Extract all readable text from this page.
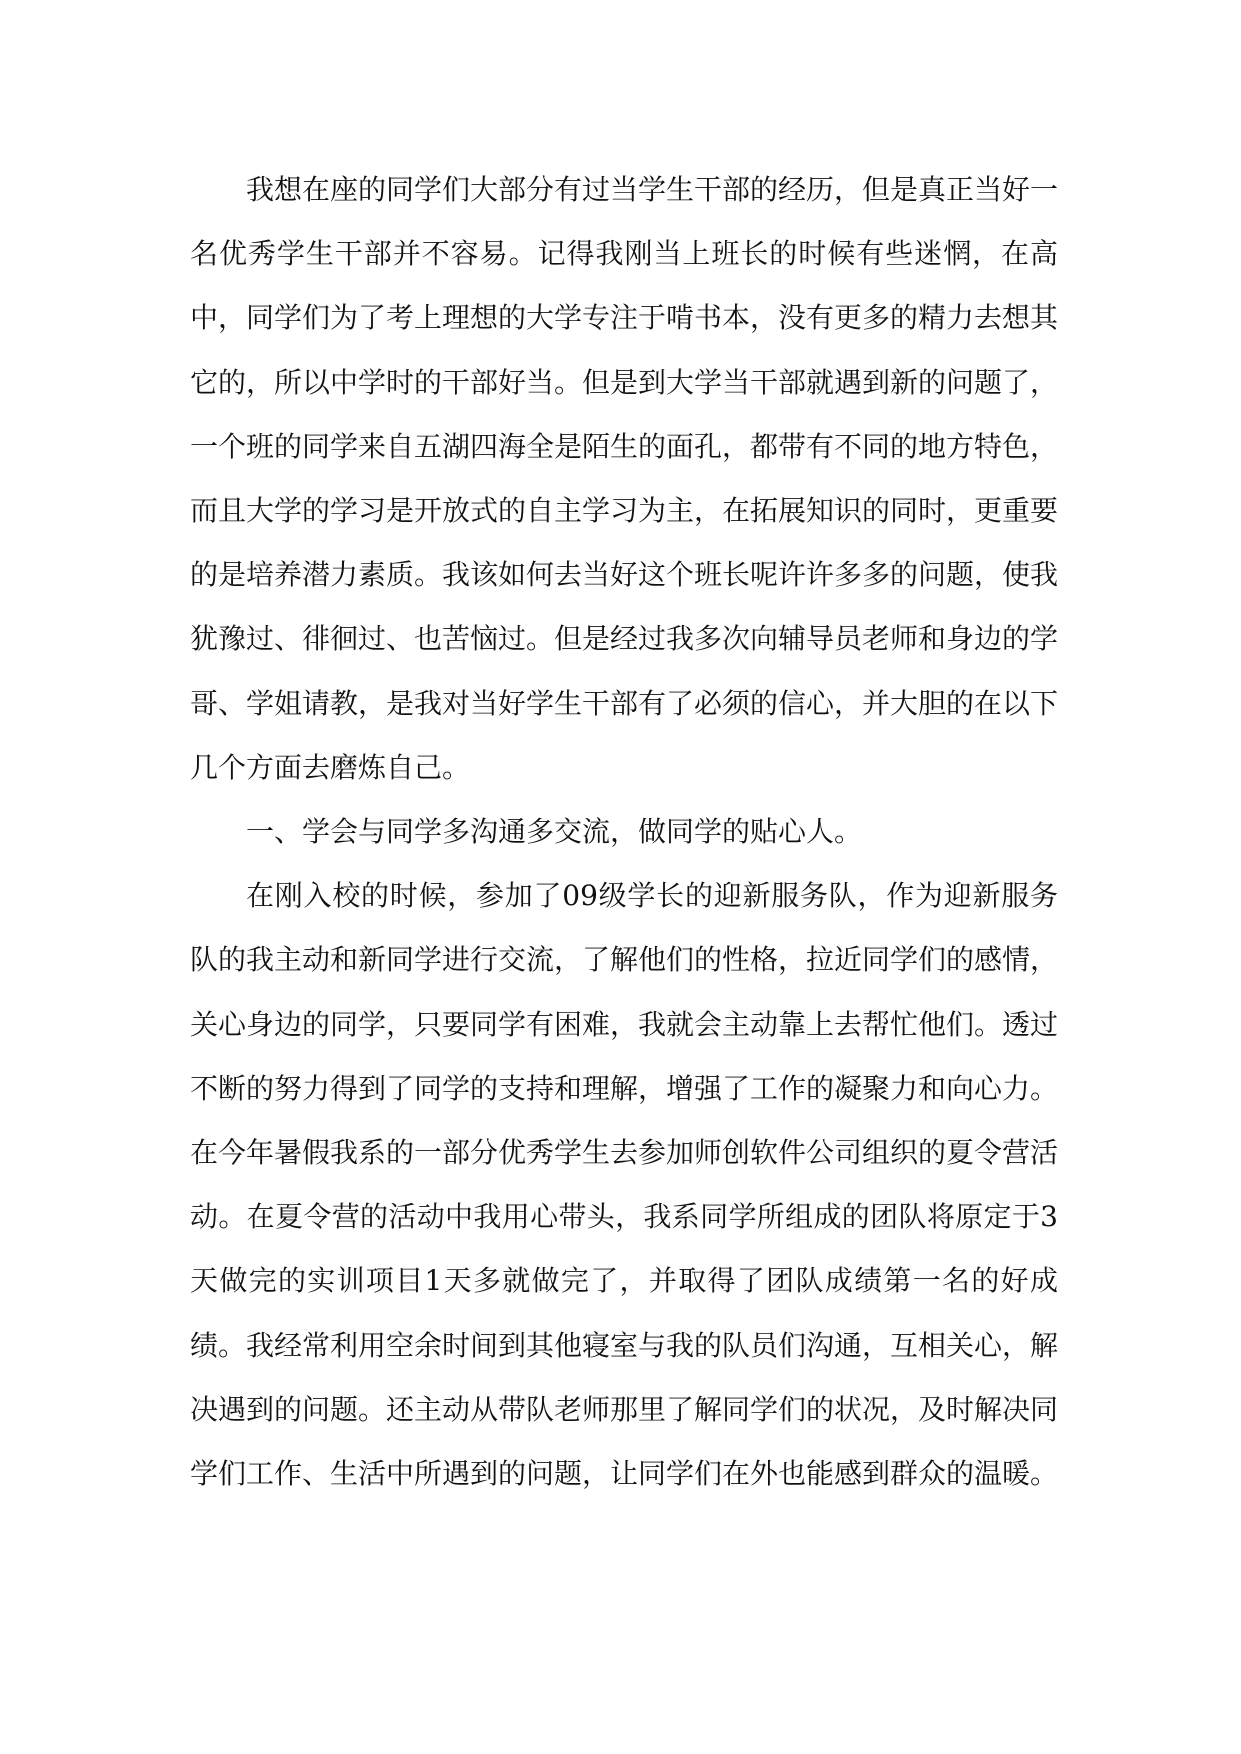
我想在座的同学们大部分有过当学生干部的经历，但是真正当好一名优秀学生干部并不容易。记得我刚当上班长的时候有些迷惘，在高中，同学们为了考上理想的大学专注于啃书本，没有更多的精力去想其它的，所以中学时的干部好当。但是到大学当干部就遇到新的问题了，一个班的同学来自五湖四海全是陌生的面孔，都带有不同的地方特色，而且大学的学习是开放式的自主学习为主，在拓展知识的同时，更重要的是培养潜力素质。我该如何去当好这个班长呢许许多多的问题，使我犹豫过、徘徊过、也苦恼过。但是经过我多次向辅导员老师和身边的学哥、学姐请教，是我对当好学生干部有了必须的信心，并大胆的在以下几个方面去磨炼自己。

一、学会与同学多沟通多交流，做同学的贴心人。

在刚入校的时候，参加了09级学长的迎新服务队，作为迎新服务队的我主动和新同学进行交流，了解他们的性格，拉近同学们的感情，关心身边的同学，只要同学有困难，我就会主动靠上去帮忙他们。透过不断的努力得到了同学的支持和理解，增强了工作的凝聚力和向心力。在今年暑假我系的一部分优秀学生去参加师创软件公司组织的夏令营活动。在夏令营的活动中我用心带头，我系同学所组成的团队将原定于3天做完的实训项目1天多就做完了，并取得了团队成绩第一名的好成绩。我经常利用空余时间到其他寝室与我的队员们沟通，互相关心，解决遇到的问题。还主动从带队老师那里了解同学们的状况，及时解决同学们工作、生活中所遇到的问题，让同学们在外也能感到群众的温暖。
